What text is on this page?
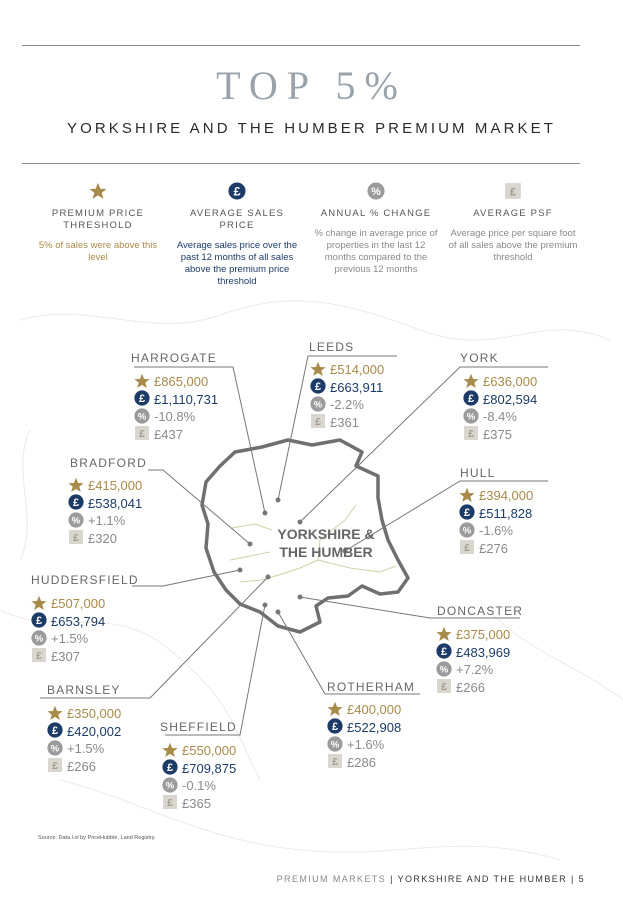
TOP 5%
YORKSHIRE AND THE HUMBER PREMIUM MARKET
PREMIUM PRICE THRESHOLD
5% of sales were above this level
AVERAGE SALES PRICE
Average sales price over the past 12 months of all sales above the premium price threshold
ANNUAL % CHANGE
% change in average price of properties in the last 12 months compared to the previous 12 months
AVERAGE PSF
Average price per square foot of all sales above the premium threshold
YORKSHIRE & THE HUMBER
HARROGATE
LEEDS
YORK
BRADFORD
HULL
HUDDERSFIELD
DONCASTER
BARNSLEY	ROTHERHAM
SHEFFIELD
£865,000
£1,110,731
-10.8%
£437
£514,000
£663,911
-2.2%
£361
£636,000
£802,594
-8.4%
£375
£415,000
£538,041
+1.1%
£320
£394,000
£511,828
-1.6%
£276
£507,000
£653,794
+1.5%
£307
£375,000
£483,969
+7.2%
£266
£350,000
£420,002
+1.5%
£266
£400,000
£522,908
+1.6%
£286
£550,000
£709,875
-0.1%
£365
Source: Data.l.ol by PriceHubble, Land Registry.
PREMIUM MARKETS | YORKSHIRE AND THE HUMBER | 5
